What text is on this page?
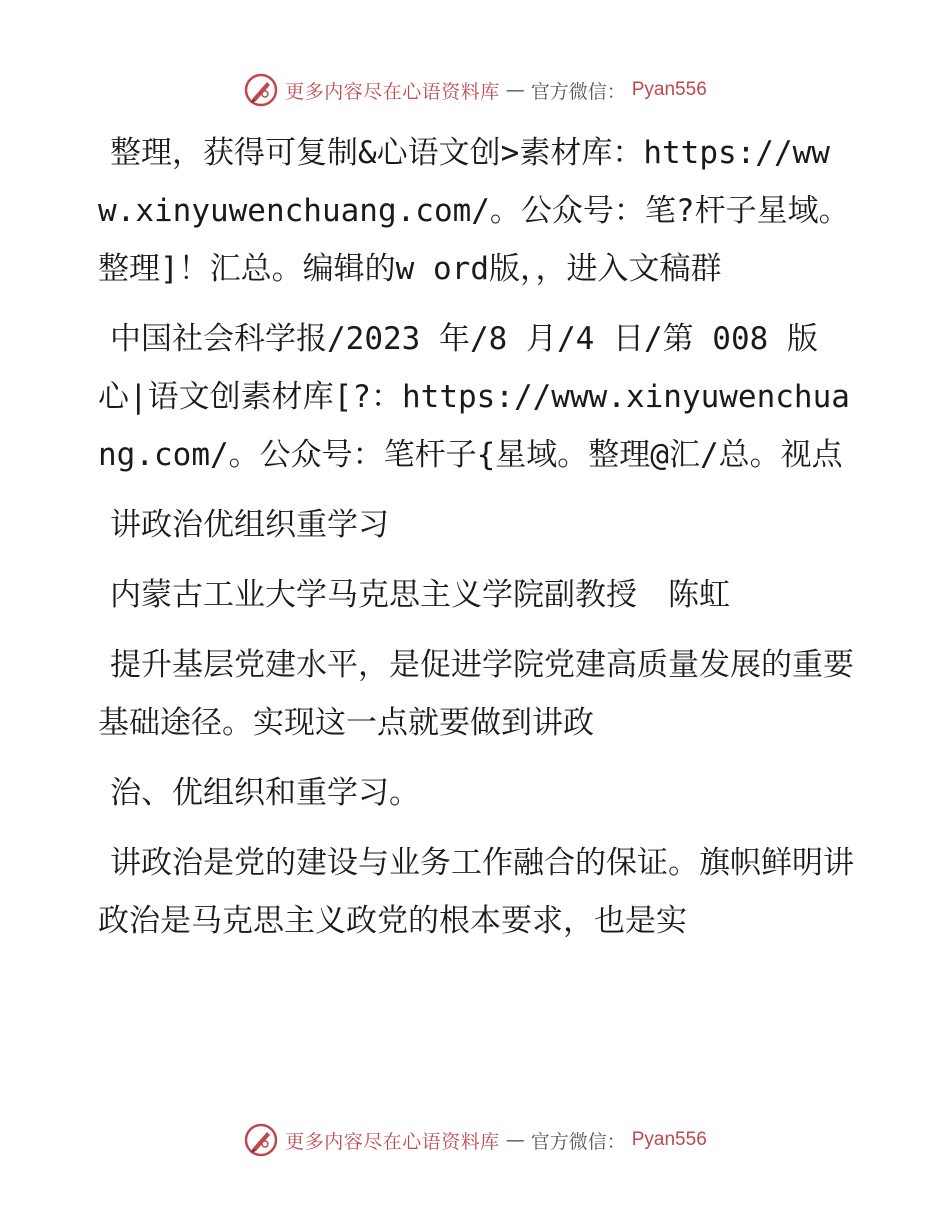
更多内容尽在心语资料库 — 官方微信： Pyan556

整理，获得可复制&心语文创>素材库：https://www.xinyuwenchuang.com/。公众号：笔?杆子星域。整理]！汇总。编辑的w ord版，，进入文稿群

中国社会科学报/2023 年/8 月/4 日/第 008 版心|语文创素材库[?：https://www.xinyuwenchuang.com/。公众号：笔杆子{星域。整理@汇/总。视点

讲政治优组织重学习

内蒙古工业大学马克思主义学院副教授　陈虹

提升基层党建水平，是促进学院党建高质量发展的重要基础途径。实现这一点就要做到讲政

治、优组织和重学习。

讲政治是党的建设与业务工作融合的保证。旗帜鲜明讲政治是马克思主义政党的根本要求，也是实

更多内容尽在心语资料库 — 官方微信： Pyan556
